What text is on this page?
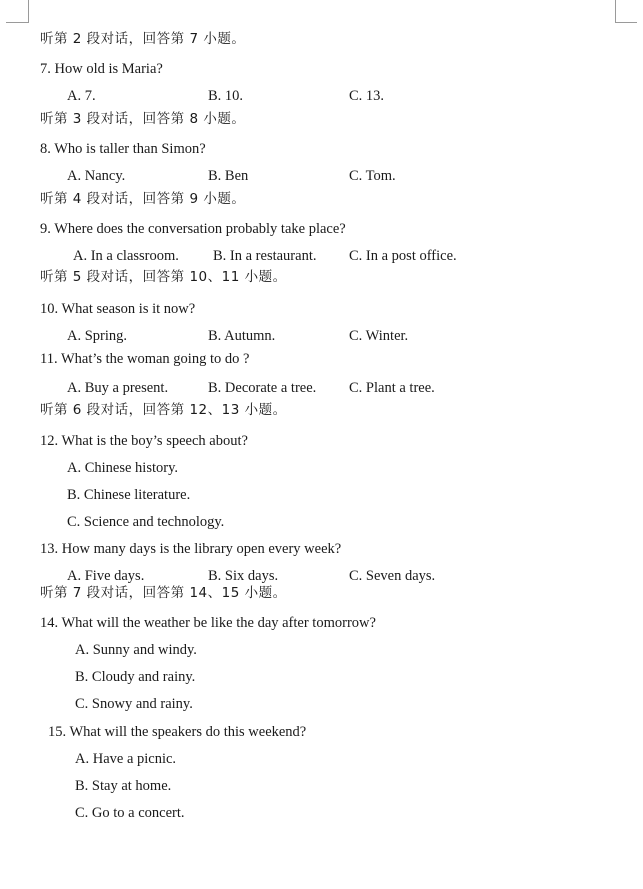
听第 2 段对话，回答第 7 小题。
7. How old is Maria?
A. 7.	B. 10.	C. 13.
听第 3 段对话，回答第 8 小题。
8. Who is taller than Simon?
A. Nancy.	B. Ben	C. Tom.
听第 4 段对话，回答第 9 小题。
9. Where does the conversation probably take place?
A. In a classroom. B. In a restaurant. C. In a post office.
听第 5 段对话，回答第 10、11 小题。
10. What season is it now?
A. Spring.	B. Autumn.	C. Winter.
11. What’s the woman going to do ?
A. Buy a present.	B. Decorate a tree. C. Plant a tree.
听第 6 段对话，回答第 12、13 小题。
12. What is the boy’s speech about?
A. Chinese history.
B. Chinese literature.
C. Science and technology.
13. How many days is the library open every week?
A. Five days.	B. Six days.	C. Seven days.
听第 7 段对话，回答第 14、15 小题。
14. What will the weather be like the day after tomorrow?
A. Sunny and windy.
B. Cloudy and rainy.
C. Snowy and rainy.
15. What will the speakers do this weekend?
A. Have a picnic.
B. Stay at home.
C. Go to a concert.
